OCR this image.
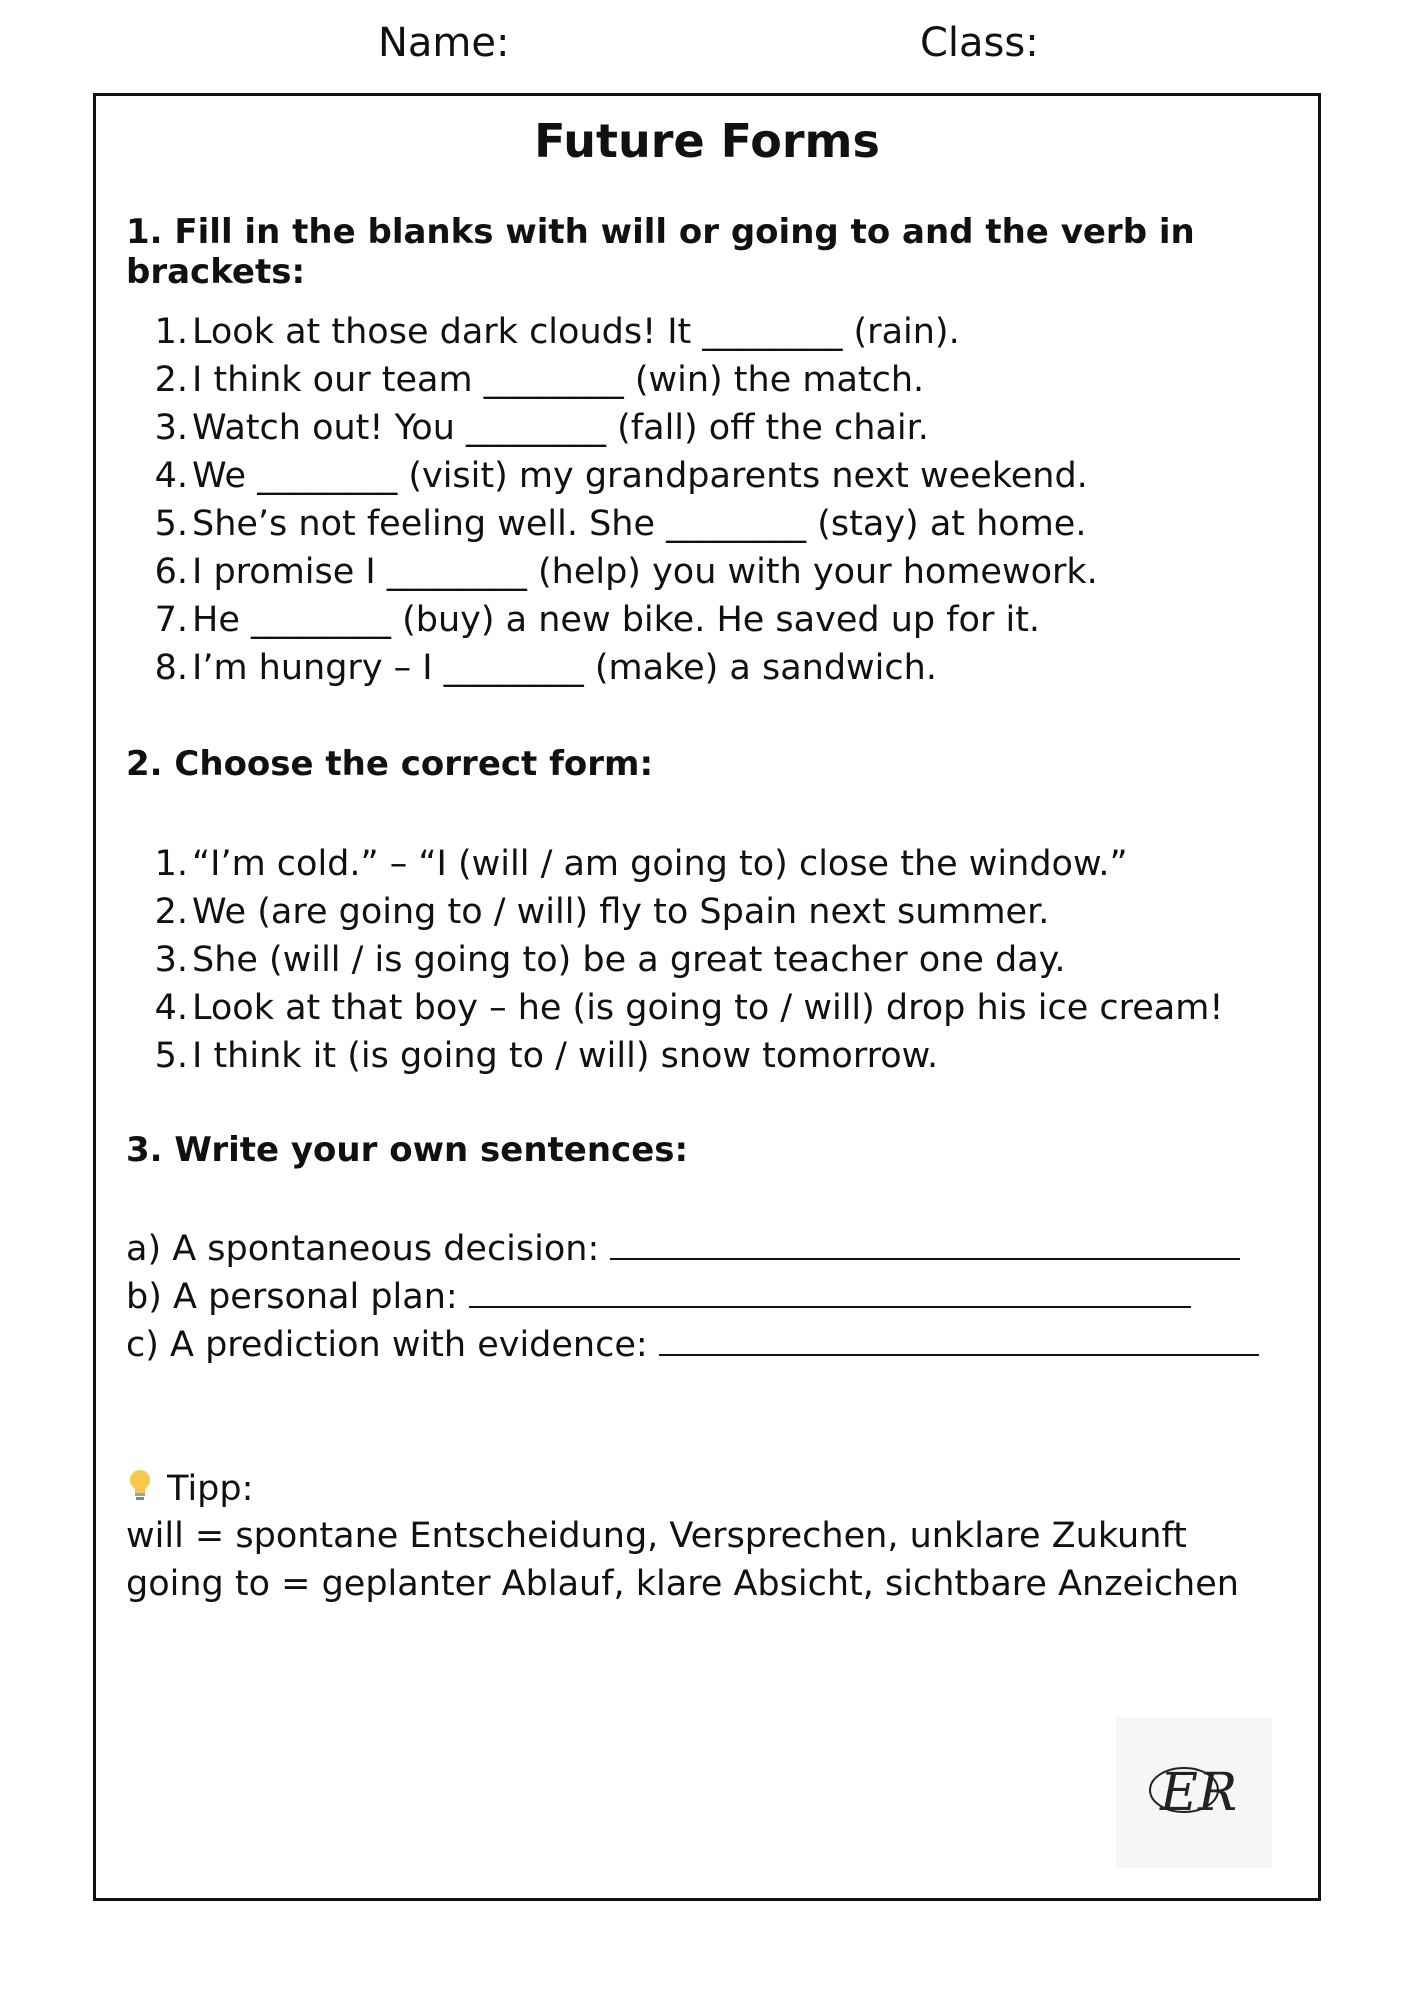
Name:	Class:
Future Forms
1. Fill in the blanks with will or going to and the verb in brackets:
1. Look at those dark clouds! It ________ (rain).
2. I think our team ________ (win) the match.
3. Watch out! You ________ (fall) off the chair.
4. We ________ (visit) my grandparents next weekend.
5. She’s not feeling well. She ________ (stay) at home.
6. I promise I ________ (help) you with your homework.
7. He ________ (buy) a new bike. He saved up for it.
8. I’m hungry – I ________ (make) a sandwich.
2. Choose the correct form:
1. “I’m cold.” – “I (will / am going to) close the window.”
2. We (are going to / will) fly to Spain next summer.
3. She (will / is going to) be a great teacher one day.
4. Look at that boy – he (is going to / will) drop his ice cream!
5. I think it (is going to / will) snow tomorrow.
3. Write your own sentences:
a) A spontaneous decision:
b) A personal plan:
c) A prediction with evidence:
Tipp:
will = spontane Entscheidung, Versprechen, unklare Zukunft
going to = geplanter Ablauf, klare Absicht, sichtbare Anzeichen
ER
